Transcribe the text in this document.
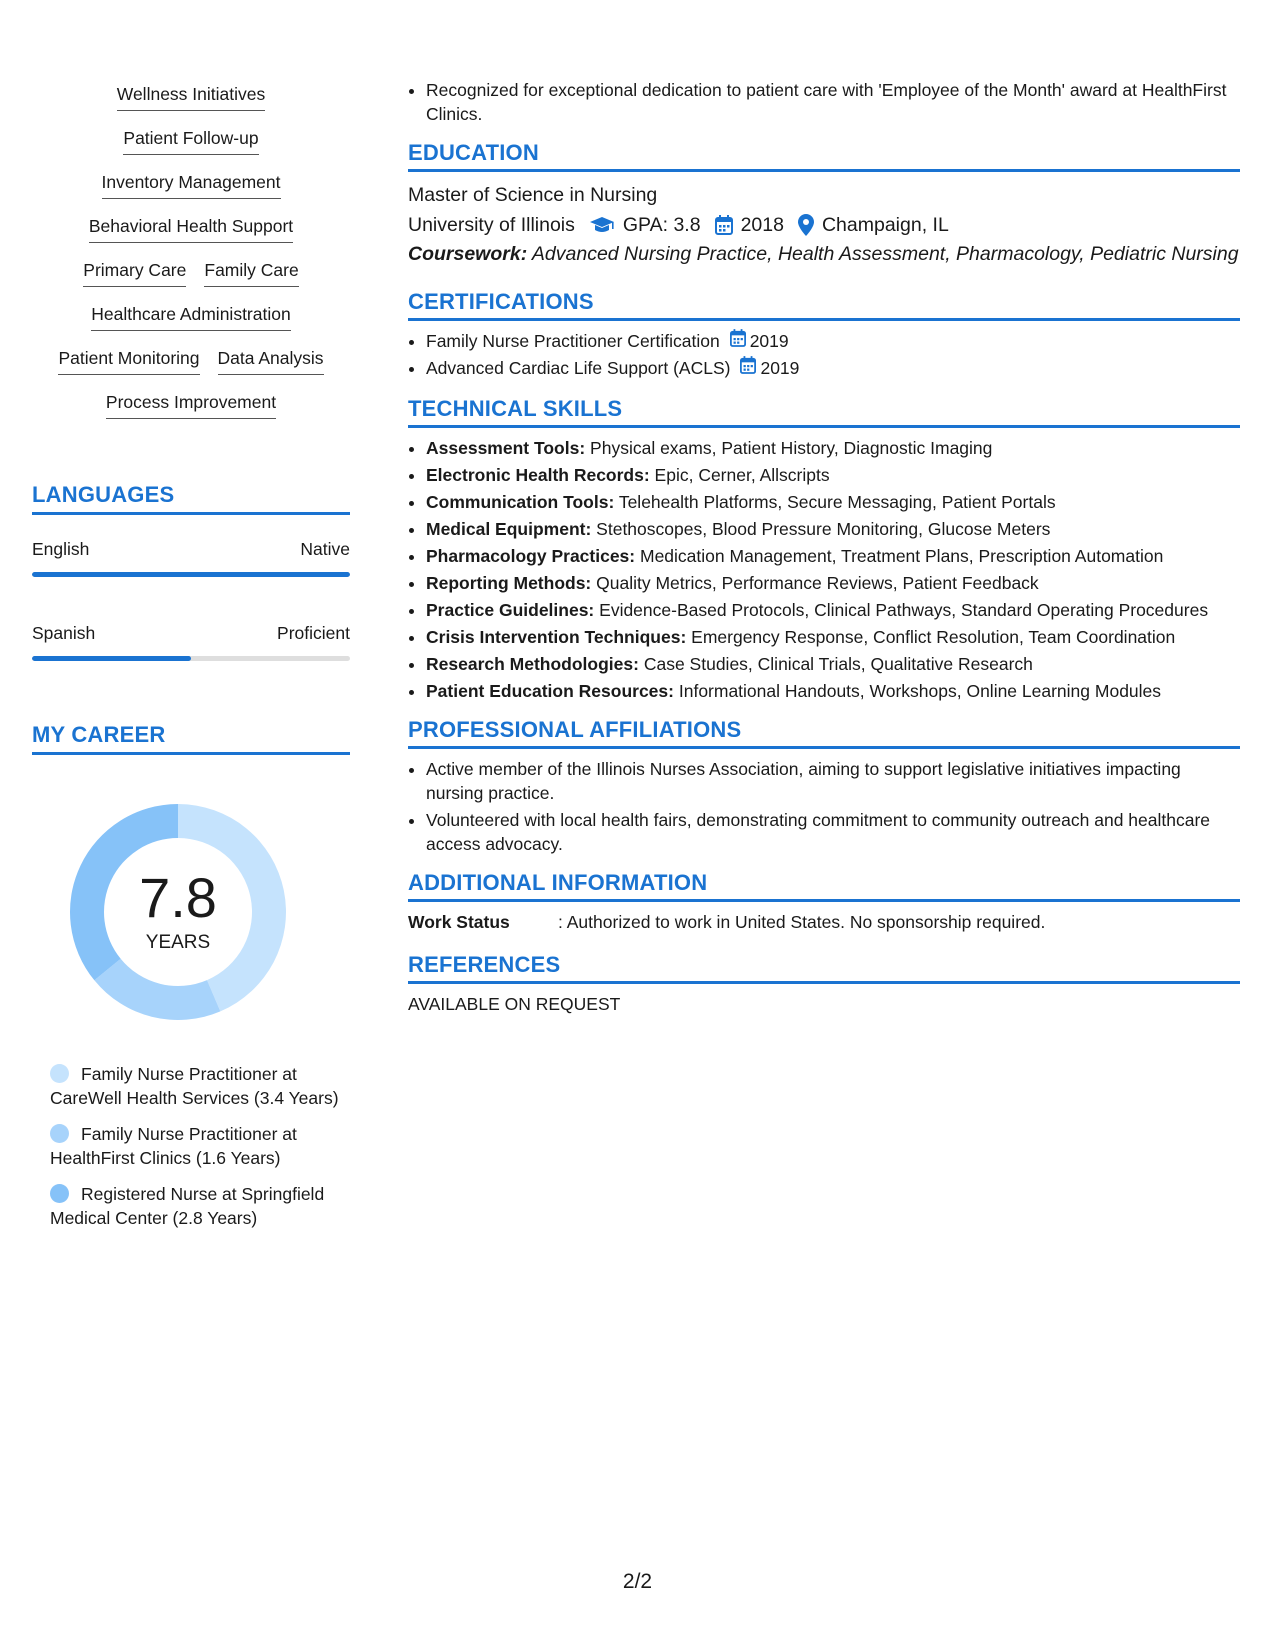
Wellness Initiatives
Patient Follow-up
Inventory Management
Behavioral Health Support
Primary Care Family Care
Healthcare Administration
Patient Monitoring Data Analysis
Process Improvement
LANGUAGES
English	Native
Spanish	Proficient
MY CAREER
7.8
YEARS
Family Nurse Practitioner at CareWell Health Services (3.4 Years)
Family Nurse Practitioner at HealthFirst Clinics (1.6 Years)
Registered Nurse at Springfield Medical Center (2.8 Years)
• Recognized for exceptional dedication to patient care with 'Employee of the Month' award at HealthFirst Clinics.
EDUCATION
Master of Science in Nursing
University of Illinois GPA: 3.8 2018 Champaign, IL
Coursework: Advanced Nursing Practice, Health Assessment, Pharmacology, Pediatric Nursing
CERTIFICATIONS
• Family Nurse Practitioner Certification 2019
• Advanced Cardiac Life Support (ACLS) 2019
TECHNICAL SKILLS
• Assessment Tools: Physical exams, Patient History, Diagnostic Imaging
• Electronic Health Records: Epic, Cerner, Allscripts
• Communication Tools: Telehealth Platforms, Secure Messaging, Patient Portals
• Medical Equipment: Stethoscopes, Blood Pressure Monitoring, Glucose Meters
• Pharmacology Practices: Medication Management, Treatment Plans, Prescription Automation
• Reporting Methods: Quality Metrics, Performance Reviews, Patient Feedback
• Practice Guidelines: Evidence-Based Protocols, Clinical Pathways, Standard Operating Procedures
• Crisis Intervention Techniques: Emergency Response, Conflict Resolution, Team Coordination
• Research Methodologies: Case Studies, Clinical Trials, Qualitative Research
• Patient Education Resources: Informational Handouts, Workshops, Online Learning Modules
PROFESSIONAL AFFILIATIONS
• Active member of the Illinois Nurses Association, aiming to support legislative initiatives impacting nursing practice.
• Volunteered with local health fairs, demonstrating commitment to community outreach and healthcare access advocacy.
ADDITIONAL INFORMATION
Work Status	: Authorized to work in United States. No sponsorship required.
REFERENCES
AVAILABLE ON REQUEST
2/2
